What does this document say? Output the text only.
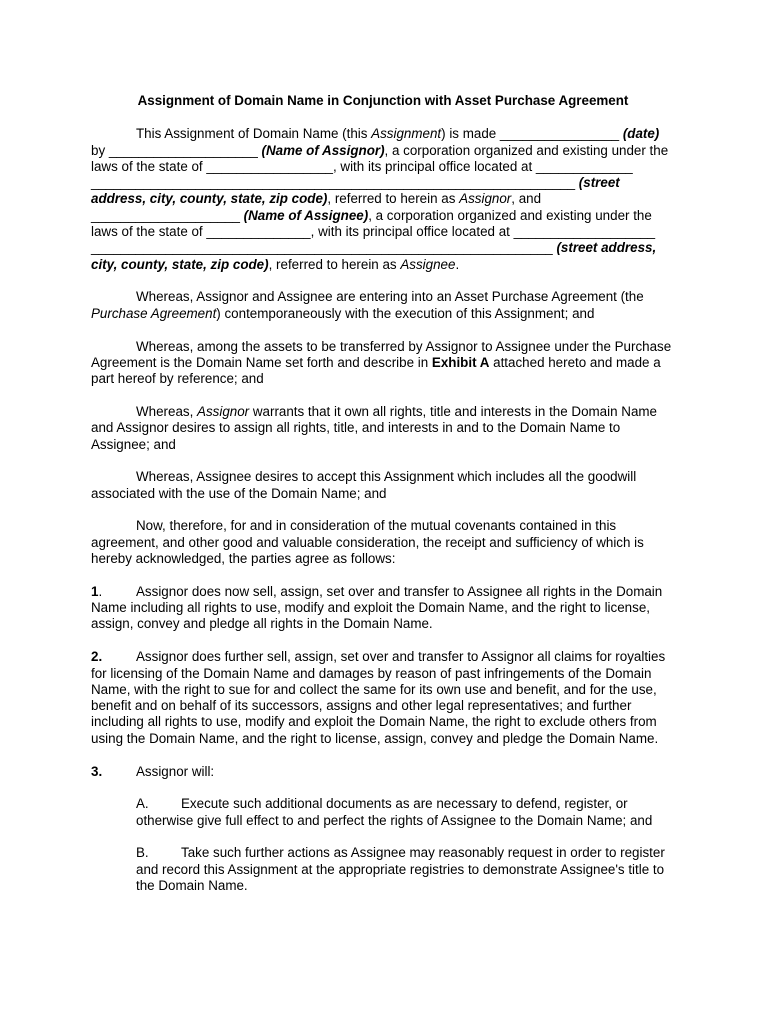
Assignment of Domain Name in Conjunction with Asset Purchase Agreement

This Assignment of Domain Name (this Assignment) is made ________________ (date) by ____________________ (Name of Assignor), a corporation organized and existing under the laws of the state of _________________, with its principal office located at _____________ _________________________________________________________________ (street address, city, county, state, zip code), referred to herein as Assignor, and ____________________ (Name of Assignee), a corporation organized and existing under the laws of the state of ______________, with its principal office located at ___________________ ______________________________________________________________ (street address, city, county, state, zip code), referred to herein as Assignee.

Whereas, Assignor and Assignee are entering into an Asset Purchase Agreement (the Purchase Agreement) contemporaneously with the execution of this Assignment; and

Whereas, among the assets to be transferred by Assignor to Assignee under the Purchase Agreement is the Domain Name set forth and describe in Exhibit A attached hereto and made a part hereof by reference; and

Whereas, Assignor warrants that it own all rights, title and interests in the Domain Name and Assignor desires to assign all rights, title, and interests in and to the Domain Name to Assignee; and

Whereas, Assignee desires to accept this Assignment which includes all the goodwill associated with the use of the Domain Name; and

Now, therefore, for and in consideration of the mutual covenants contained in this agreement, and other good and valuable consideration, the receipt and sufficiency of which is hereby acknowledged, the parties agree as follows:

1.	Assignor does now sell, assign, set over and transfer to Assignee all rights in the Domain Name including all rights to use, modify and exploit the Domain Name, and the right to license, assign, convey and pledge all rights in the Domain Name.

2.	Assignor does further sell, assign, set over and transfer to Assignor all claims for royalties for licensing of the Domain Name and damages by reason of past infringements of the Domain Name, with the right to sue for and collect the same for its own use and benefit, and for the use, benefit and on behalf of its successors, assigns and other legal representatives; and further including all rights to use, modify and exploit the Domain Name, the right to exclude others from using the Domain Name, and the right to license, assign, convey and pledge the Domain Name.

3.	Assignor will:

A. Execute such additional documents as are necessary to defend, register, or otherwise give full effect to and perfect the rights of Assignee to the Domain Name; and

B. Take such further actions as Assignee may reasonably request in order to register and record this Assignment at the appropriate registries to demonstrate Assignee's title to the Domain Name.
